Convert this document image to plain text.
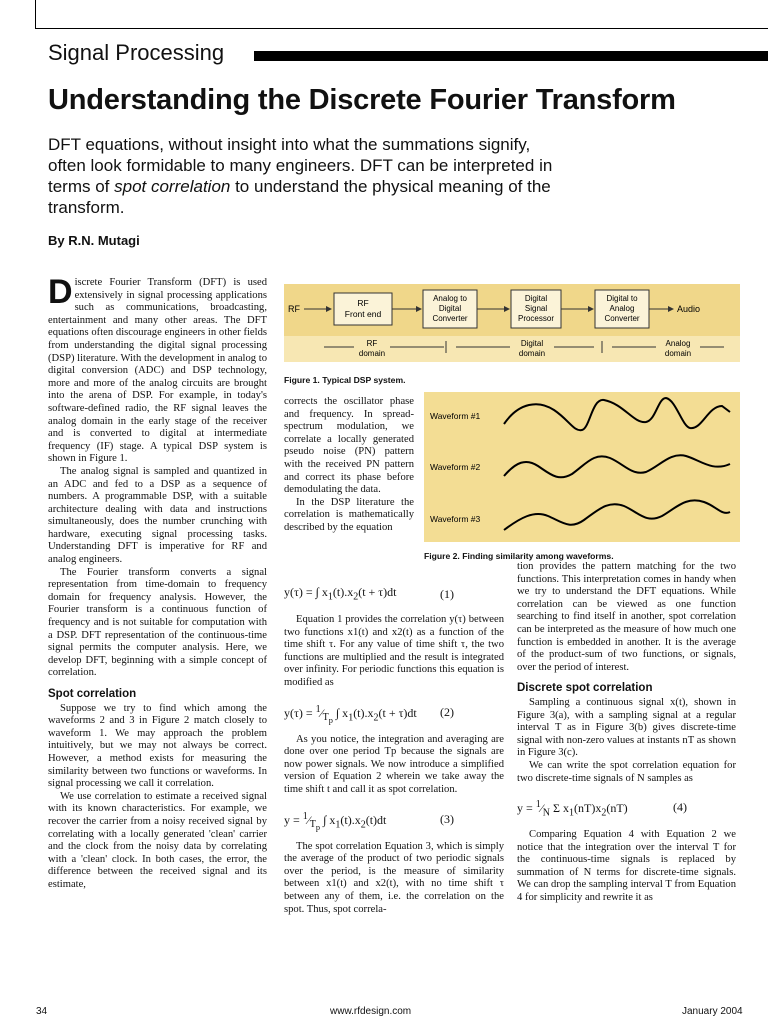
Signal Processing
Understanding the Discrete Fourier Transform
DFT equations, without insight into what the summations signify, often look formidable to many engineers. DFT can be interpreted in terms of spot correlation to understand the physical meaning of the transform.
By R.N. Mutagi

Discrete Fourier Transform (DFT) is used extensively in signal processing applications such as communications, broadcasting, entertainment and many other areas. The DFT equations often discourage engineers in other fields from understanding the digital signal processing (DSP) literature. With the development in analog to digital conversion (ADC) and DSP technology, more and more of the analog circuits are brought into the arena of DSP. For example, in today's software-defined radio, the RF signal leaves the analog domain in the early stage of the receiver and is converted to digital at intermediate frequency (IF) stage. A typical DSP system is shown in Figure 1.

The analog signal is sampled and quantized in an ADC and fed to a DSP as a sequence of numbers. A programmable DSP, with a suitable architecture dealing with data and instructions simultaneously, does the number crunching with hardware, executing signal processing tasks. Understanding DFT is imperative for RF and analog engineers.

The Fourier transform converts a signal representation from time-domain to frequency domain for frequency analysis. However, the Fourier transform is a continuous function of frequency and is not suitable for computation with a DSP. DFT representation of the continuous-time signal permits the computer analysis. Here, we develop DFT, beginning with a simple concept of correlation.

Spot correlation

Suppose we try to find which among the waveforms 2 and 3 in Figure 2 match closely to waveform 1. We may approach the problem intuitively, but we may not always be correct. However, a method exists for measuring the similarity between two functions or waveforms. In signal processing we call it correlation.

We use correlation to estimate a received signal with its known characteristics. For example, we recover the carrier from a noisy received signal by correlating with a locally generated 'clean' carrier and the clock from the noisy data by correlating with a 'clean' clock. In both cases, the error, the difference between the received signal and its estimate,

RF
RF
Front end
Analog to
Digital
Converter
Digital
Signal
Processor
Digital to
Analog
Converter
Audio
RF
domain
Digital
domain
Analog
domain
Figure 1. Typical DSP system.
Waveform #1
Waveform #2
Waveform #3
Figure 2. Finding similarity among waveforms.

corrects the oscillator phase and frequency. In spread-spectrum modulation, we correlate a locally generated pseudo noise (PN) pattern with the received PN pattern and correct its phase before demodulating the data.

In the DSP literature the correlation is mathematically described by the equation

y(τ) = ∫ $x_1(t).x_2(t + \tau)dt$	(1)

Equation 1 provides the correlation y(τ) between two functions x1(t) and x2(t) as a function of the time shift τ. For any value of time shift τ, the two functions are multiplied and the result is integrated over infinity. For periodic functions this equation is modified as

$y(\tau) = ^1⁄_{T_p}$ ∫ $x_1(t).x_2(t + \tau)dt$ (2)

As you notice, the integration and averaging are done over one period Tp because the signals are now power signals. We now introduce a simplified version of Equation 2 wherein we take away the time shift t and call it as spot correlation.

$y = ^1⁄_{T_p}$ ∫ $x_1(t).x_2(t)dt$	(3)

The spot correlation Equation 3, which is simply the average of the product of two periodic signals over the period, is the measure of similarity between x1(t) and x2(t), with no time shift τ between any of them, i.e. the correlation on the spot. Thus, spot correla-

tion provides the pattern matching for the two functions. This interpretation comes in handy when we try to understand the DFT equations. While correlation can be viewed as one function searching to find itself in another, spot correlation can be interpreted as the measure of how much one function is embedded in another. It is the average of the product-sum of two functions, or signals, over the period of interest.

Discrete spot correlation

Sampling a continuous signal x(t), shown in Figure 3(a), with a sampling signal at a regular interval T as in Figure 3(b) gives discrete-time signal with non-zero values at instants nT as shown in Figure 3(c).

We can write the spot correlation equation for two discrete-time signals of N samples as

$y = ^1⁄_N$ Σ $x_1(nT)x_2(nT)$	(4)

Comparing Equation 4 with Equation 2 we notice that the integration over the interval T for the continuous-time signals is replaced by summation of N terms for discrete-time signals. We can drop the sampling interval T from Equation 4 for simplicity and rewrite it as

34	www.rfdesign.com	January 2004
